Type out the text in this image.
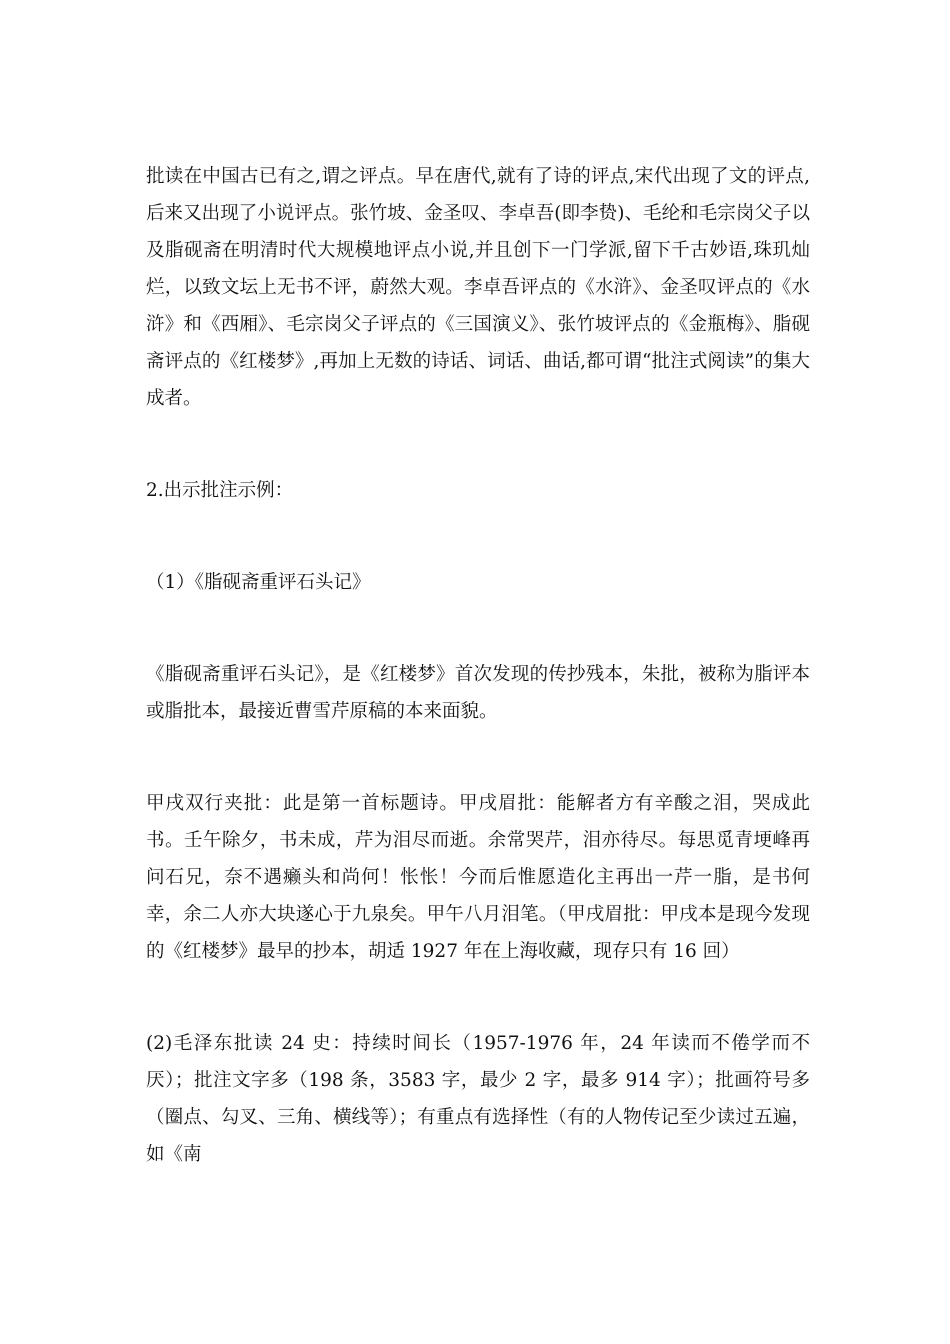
批读在中国古已有之,谓之评点。早在唐代,就有了诗的评点,宋代出现了文的评点,后来又出现了小说评点。张竹坡、金圣叹、李卓吾(即李贽)、毛纶和毛宗岗父子以及脂砚斋在明清时代大规模地评点小说,并且创下一门学派,留下千古妙语,珠玑灿烂，以致文坛上无书不评，蔚然大观。李卓吾评点的《水浒》、金圣叹评点的《水浒》和《西厢》、毛宗岗父子评点的《三国演义》、张竹坡评点的《金瓶梅》、脂砚斋评点的《红楼梦》,再加上无数的诗话、词话、曲话,都可谓“批注式阅读”的集大成者。

2.出示批注示例：

（1）《脂砚斋重评石头记》

《脂砚斋重评石头记》，是《红楼梦》首次发现的传抄残本，朱批，被称为脂评本或脂批本，最接近曹雪芹原稿的本来面貌。

甲戌双行夹批：此是第一首标题诗。甲戌眉批：能解者方有辛酸之泪，哭成此书。壬午除夕，书未成，芹为泪尽而逝。余常哭芹，泪亦待尽。每思觅青埂峰再问石兄，奈不遇癞头和尚何！怅怅！今而后惟愿造化主再出一芹一脂，是书何幸，余二人亦大块遂心于九泉矣。甲午八月泪笔。（甲戌眉批：甲戌本是现今发现的《红楼梦》最早的抄本，胡适 1927 年在上海收藏，现存只有 16 回）

(2)毛泽东批读 24 史：持续时间长（1957-1976 年，24 年读而不倦学而不厌）；批注文字多（198 条，3583 字，最少 2 字，最多 914 字）；批画符号多（圈点、勾叉、三角、横线等）；有重点有选择性（有的人物传记至少读过五遍，如《南
